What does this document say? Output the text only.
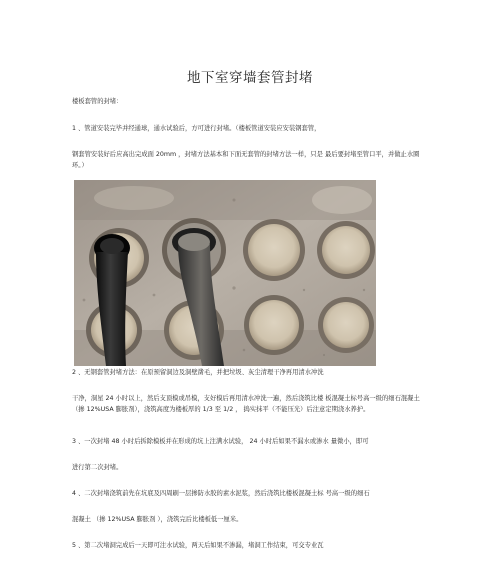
地下室穿墙套管封堵
楼板套管的封堵：
1 、管道安装完毕并经通球，通水试验后，方可进行封堵。（楼板管道安装应安装钢套管，
钢套管安装好后应高出完成面 20mm ，封堵方法基本和下面无套管的封堵方法一样，只是 最后要封堵至管口平，并做止水圈环。）
2 、无钢套管封堵方法：在原预留洞边及洞壁凿毛，并把垃圾、灰尘清理干净再用清水冲洗
干净，洞星 24 小时以上，然后支顶模或吊模，支好模后再用清水冲洗一遍，然后浇筑比楼 板混凝土标号高一级的细石混凝土 （掺 12%USA 膨胀剂），浇筑高度为楼板厚的 1/3 至 1/2 ， 捣实抹平（不能压光）后注意定期浇水养护。
3 、一次封堵 48 小时后拆除模板并在形成的坑上注满水试验， 24 小时后如果不漏水或渗水 量微小，即可
进行第二次封堵。
4 、二次封堵浇筑前先在坑底及四周刷一层掺防水胶的素水泥浆，然后浇筑比楼板混凝土标 号高一级的细石
混凝土 （掺 12%USA 膨胀剂 ），浇筑完后比楼板低一厘米。
5 、第二次堵洞完成后一天即可注水试验，两天后如果不渗漏，堵洞工作结束，可交专业瓦
